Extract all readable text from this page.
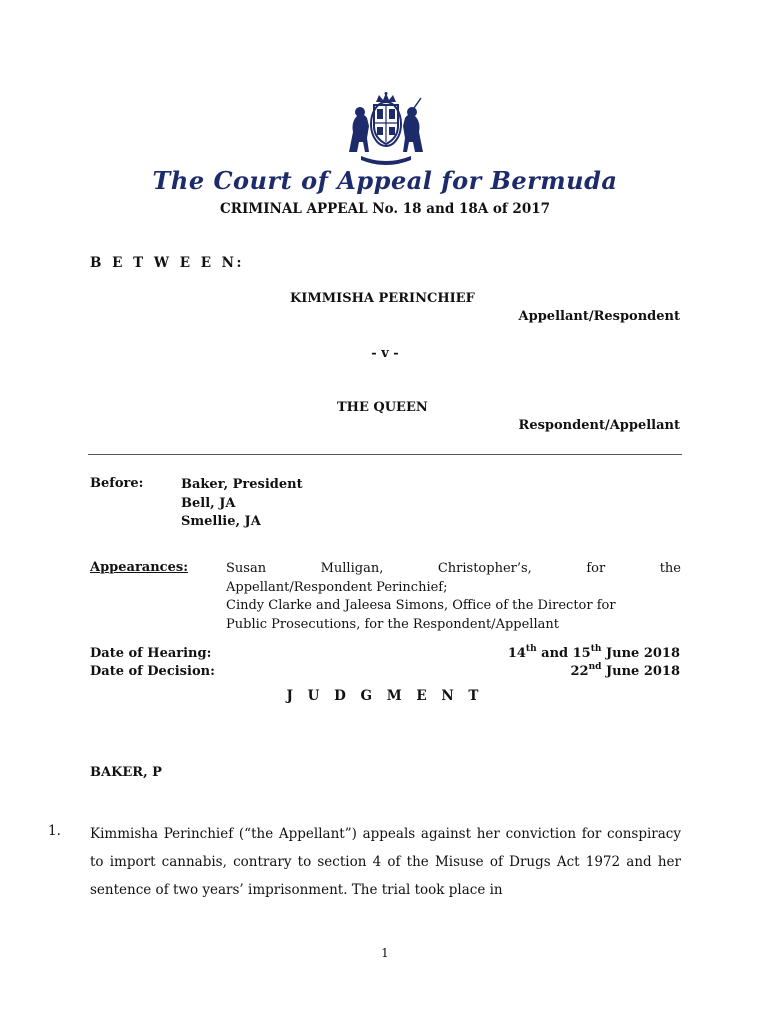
The Court of Appeal for Bermuda
CRIMINAL APPEAL No. 18 and 18A of 2017
B E T W E E N:
KIMMISHA PERINCHIEF
Appellant/Respondent
- v -
THE QUEEN
Respondent/Appellant
Before:	Baker, President
Bell, JA
Smellie, JA
Appearances:	Susan	Mulligan,	Christopher’s,	for	the
Appellant/Respondent Perinchief;
Cindy Clarke and Jaleesa Simons, Office of the Director for
Public Prosecutions, for the Respondent/Appellant
Date of Hearing:	14th and 15th June 2018
Date of Decision:	22nd June 2018
J U D G M E N T
BAKER, P
1. Kimmisha Perinchief (“the Appellant”) appeals against her conviction for conspiracy to import cannabis, contrary to section 4 of the Misuse of Drugs Act 1972 and her sentence of two years’ imprisonment. The trial took place in
1
